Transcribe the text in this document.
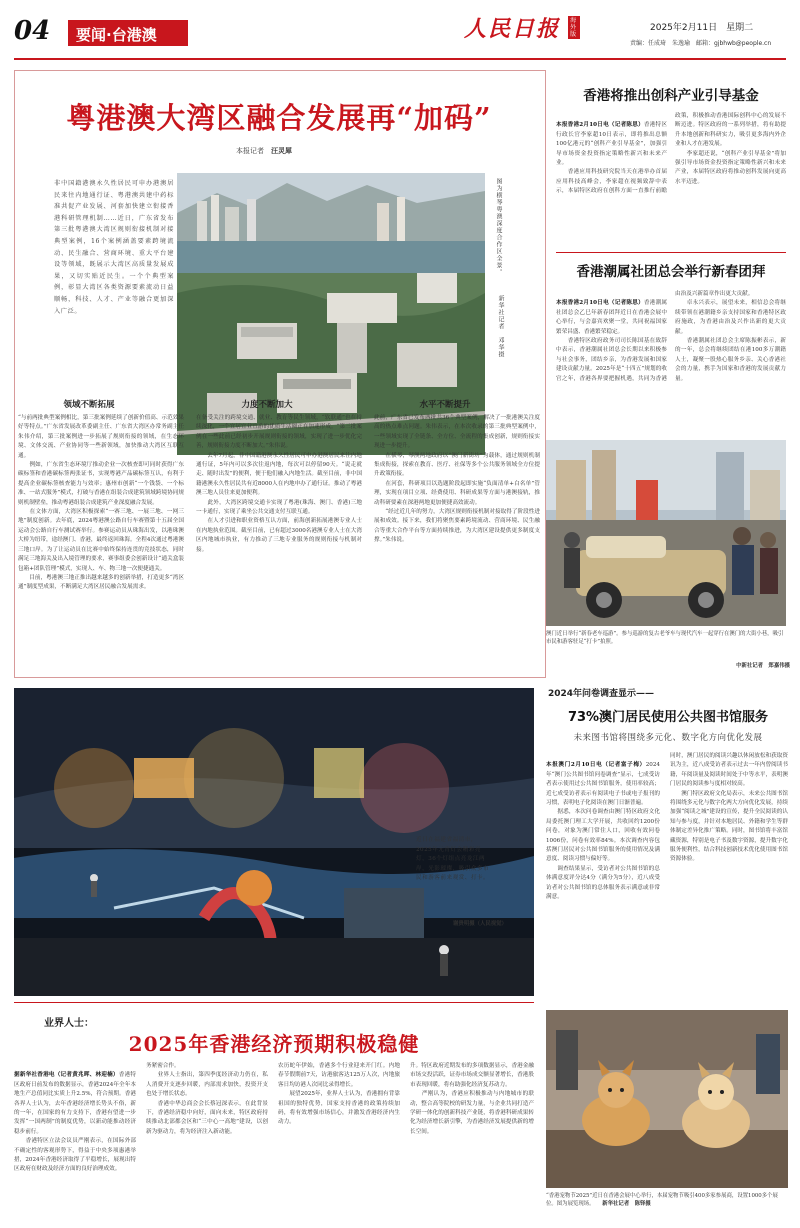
04 要闻·台港澳	人民日报 海外版
2025年2月11日　星期二
责编：任成琦　朱逸瑜　邮箱：gjbhwb@people.cn
粤港澳大湾区融合发展再“加码”
本报记者　 汪灵犀
非中国籍港澳永久性居民可申办港澳居民来往内地通行证、粤港澳共建中药标准共促产业发展、河套加快建立衔接香港科研管理机制……近日，广东省发布第三批粤港澳大湾区规则衔接机制对接典型案例，16个案例涵盖要素跨境流动、民生融合、营商环境、重大平台建设等领域，既展示大湾区高质量发展成果，又切实贴近民生。一个个典型案例，彰显大湾区各类资源要素流动日益顺畅，科技、人才、产业等融合更加深入广泛。
图为横琴粤澳深度合作区全景。
新华社记者　邓华摄
领域不断拓展	力度不断加大	水平不断提升
“与前两批典型案例相比，第三批案例延续了创新价值高、示范效果好等特点。”广东省发展改革委副主任、广东省大湾区办常务副主任朱伟介绍，第三批案例进一步拓展了规则衔接的领域，在生态环境、文体交流、产业协同等一些新领域，加快推动大湾区互联互通。
　　例如，广东省生态环境厅推动企业一次核查即可同时获得广东碳标签和香港碳标签两张证书，实现粤港产品碳标签互认，有利于提高企业碳标签核查能力与效率；惠州市创新“一个钱袋、一个标准、一站式服务”模式，打破与香港在组装合成建筑领域跨境协同规则机制壁垒，推动粤港组装合成建筑产业深度融合发展。
　　在文体方面，大湾区积极探索“一赛三地、一展三地、一网三地”制度创新。去年底，2024粤港澳公路自行车赛暨第十五届全国运动会公路自行车测试赛举行。参赛运动员从珠海出发，以港珠澳大桥为纽带，途经澳门、香港，最终返回珠海。全程4次通过粤港澳三地口岸。为了让运动员在比赛中始终保持连贯的竞技状态，同时满足三地海关及出入境管理的要求，赛事组委会创新设计“通关盒装包箱+团队管理”模式，实现人、车、物三地一次便捷通关。
　　目前，粤港澳三地正推出越来越多的创新举措，打造更多“湾区通”制度型成果，不断满足大湾区居民融合发展需求。
在备受关注的跨境交通、就业、教育等民生领域，“软联通”也在持续深化，一个宜居宜业宜游的优质生活圈正在加速形成。“第三批案例在一些此前已经初步开展规则衔接的领域，实现了进一步优化完善，规则衔接力度不断加大。”朱伟说。
　　去年7月起，非中国籍港澳永久性居民可申办港澳居民来往内地通行证，5年内可以多次往返内地，每次可以停留90天。“说走就走、随时出发”的便利，便于他们融入内地生活。截至目前，非中国籍港澳永久性居民共有近8000人在内地申办了通行证。推动了粤港澳三地人员往来更加便利。
　　此外，大湾区跨境交通卡实现了粤港(珠海、澳门、香港)三地一卡通行，实现了乘坐公共交通支付互联互通。
　　在人才引进和职业资格互认方面，前海创新拓展港澳专业人士在内地执业范围。截至目前，已有超过3000名港澳专业人士在大湾区内地城市执业，有力推动了三地专业服务的规则衔接与机制对接。
此前，广东省已发布两批共36个典型案例，解决了一批港澳关注度高的热点难点问题。朱伟表示，在本次收录的第三批典型案例中，一些领域实现了全链条、全方位、全流程的集成创新，规则衔接实现进一步提升。
　　在横琴，琴澳两地政府以“澳门新街坊”为载体，通过规则机制集成衔接，探索在教育、医疗、社保等多个公共服务领域全方位提升政策衔接。
　　在河套，科研项目以选题阶段起即实施“负面清单+白名单”管理，实现在项目立项、经费使用、科研成果等方面与港澳接轨，推动科研要素在深港两地更加便捷高效流动。
　　“经过近几年的努力，大湾区规则衔接机制对接取得了阶段性进展和成效。接下来，我们将聚焦要素跨境流动、营商环境、民生融合等重大合作平台等方面持续推进，为大湾区建设提供更多制度支撑。”朱伟说。
香港将推出创科产业引导基金

本报香港2月10日电（记者陈思）香港特区行政长官李家超10日表示，即将推出总额100亿港元的“创科产业引导基金”，加强引导市场资金投资指定策略性新兴和未来产业。
　　香港应用科技研究院当天在港举办首届应用科技高峰会，李家超在视频致辞中表示，本届特区政府在创科方面一直推行前瞻政策，积极推动香港国际创科中心的发展不断迈进。特区政府的一系列举措，将有助提升本地创新和科研实力，吸引更多海内外企业和人才在港发展。
　　李家超还说，“创科产业引导基金”将加强引导市场资金投资指定策略性新兴和未来产业，本届特区政府将推动创科发展向更高水平迈进。

香港潮属社团总会举行新春团拜

本报香港2月10日电（记者陈思）香港潮属社团总会乙巳年新春团拜近日在香港会展中心举行，与会嘉宾欢聚一堂，共同祝福国家繁荣昌盛、香港繁荣稳定。
　　香港特区政府政务司司长陈国基在致辞中表示，香港潮属社团总会长期以来积极参与社会事务，团结乡亲，为香港发展和国家建设贡献力量。2025年是“十四五”规划的收官之年，香港各界要把握机遇，共同为香港由治及兴新篇章作出更大贡献。
　　卓永兴表示，展望未来，相信总会将继续带领在港潮籍乡亲支持国家和香港特区政府施政，为香港由治及兴作出新的更大贡献。
　　香港潮属社团总会主席陈振彬表示，新的一年，总会将继续团结在港100多万潮籍人士，凝聚一股热心服务乡亲、关心香港社会的力量，携手为国家和香港的发展贡献力量。

澳门近日举行“新春老车巡游”。参与巡游的复古老爷车与现代汽车一起穿行在澳门的大街小巷，吸引市民和游客驻足“打卡”拍照。
中新社记者　郑嘉伟摄
近日在福建省福清市，2025年元宵灯会精彩亮灯，36个灯组点亮龙江两岸，光影璀璨，吸引众多市民和游客前来观赏、打卡。
谢贵明摄（人民视觉）
2024年问卷调查显示——
73%澳门居民使用公共图书馆服务
未来图书馆将围绕多元化、数字化方向优化发展

本报澳门2月10日电（记者富子梅）2024年“澳门公共图书馆问卷调查”显示，七成受访者表示使用过公共图书馆服务，使用率较高；近七成受访者表示有阅读电子书或电子报刊的习惯，表明电子化阅读在澳门日渐普遍。
　　据悉，本次问卷调查由澳门特区政府文化局委托澳门理工大学开展，共收回约1200份问卷，对象为澳门常住人口，回收有效问卷1006份，问卷有效率84%。本次调查内容包括澳门居民对公共图书馆服务的使用情况及满意度、阅读习惯与偏好等。
　　调查结果显示，受访者对公共图书馆的总体满意度评分达4分（满分为5分），近八成受访者对公共图书馆的总体服务表示满意或非常满意。

同时，澳门居民的阅读兴趣以休闲放松和获取资讯为主，近八成受访者表示过去一年内曾阅读书籍，年阅读量及阅读时间处于中等水平，表明澳门居民的阅读参与度相对较高。
　　澳门特区政府文化局表示，未来公共图书馆将围绕多元化与数字化两大方向优化发展，持续加强“阅读之城”建设的宣传，提升全民阅读的认知与参与度，并针对本地居民、外籍和学生等群体制定差异化推广策略。同时，图书馆将丰富馆藏资源，特别是电子书及数字资源，提升数字化服务便利性，结合科技创新技术优化使用图书馆资源体验。
业界人士：
2025年香港经济预期积极稳健

据新华社香港电（记者黄兆晖、林迎楠）香港特区政府日前发布的数据显示，香港2024年全年本地生产总值同比实质上升2.5%，符合预期。香港各界人士认为，去年香港经济增长势头不俗，新的一年，在国家的有力支持下，香港有望进一步发挥“一国两制”的制度优势，以新动能推动经济稳步前行。
　　香港特区立法会议员严刚表示，在国际外部不确定性的客观形势下，得益于中央多项惠港举措，2024年香港经济取得了平稳增长，展现出特区政府在财政及经济方面的良好治理成效。

务紧密合作。
　　业界人士指出，第四季度经济动力仍在，私人消费开支逐步回暖，内部需求加快，投资开支也处于增长状态。
　　香港中华总商会会长蔡冠深表示，在此背景下，香港经济稳中向好，面向未来，特区政府持续推动北部都会区和“三中心一高地”建设，以创新为驱动力，将为经济注入新动能。
农历蛇年伊始，香港多个行业迎来开门红。内地春节假期前7天，访港旅客达125万人次，内地旅客日均访港人次同比录得增长。
　　展望2025年，业界人士认为，香港拥有背靠祖国的独特优势，国家支持香港的政策持续加码，将有效增强市场信心，并激发香港经济内生动力。
升。特区政府近期发布的多项数据显示，香港金融市场交投活跃，证券市场成交额显著增长，香港股市表现回暖，将有助强化经济复苏动力。
　　严刚认为，香港应积极推动与内地城市的联动，整合高等院校的研发力量，与企业共同打造产学研一体化的创新科技产业链，将香港科研成果转化为经济增长新引擎，为香港经济发展提供新的增长空间。
“香港宠物节2025”近日在香港会展中心举行，本届宠物节吸引400多家参展商，设置1000多个展位。图为展览现场。 新华社记者　陈铎摄
